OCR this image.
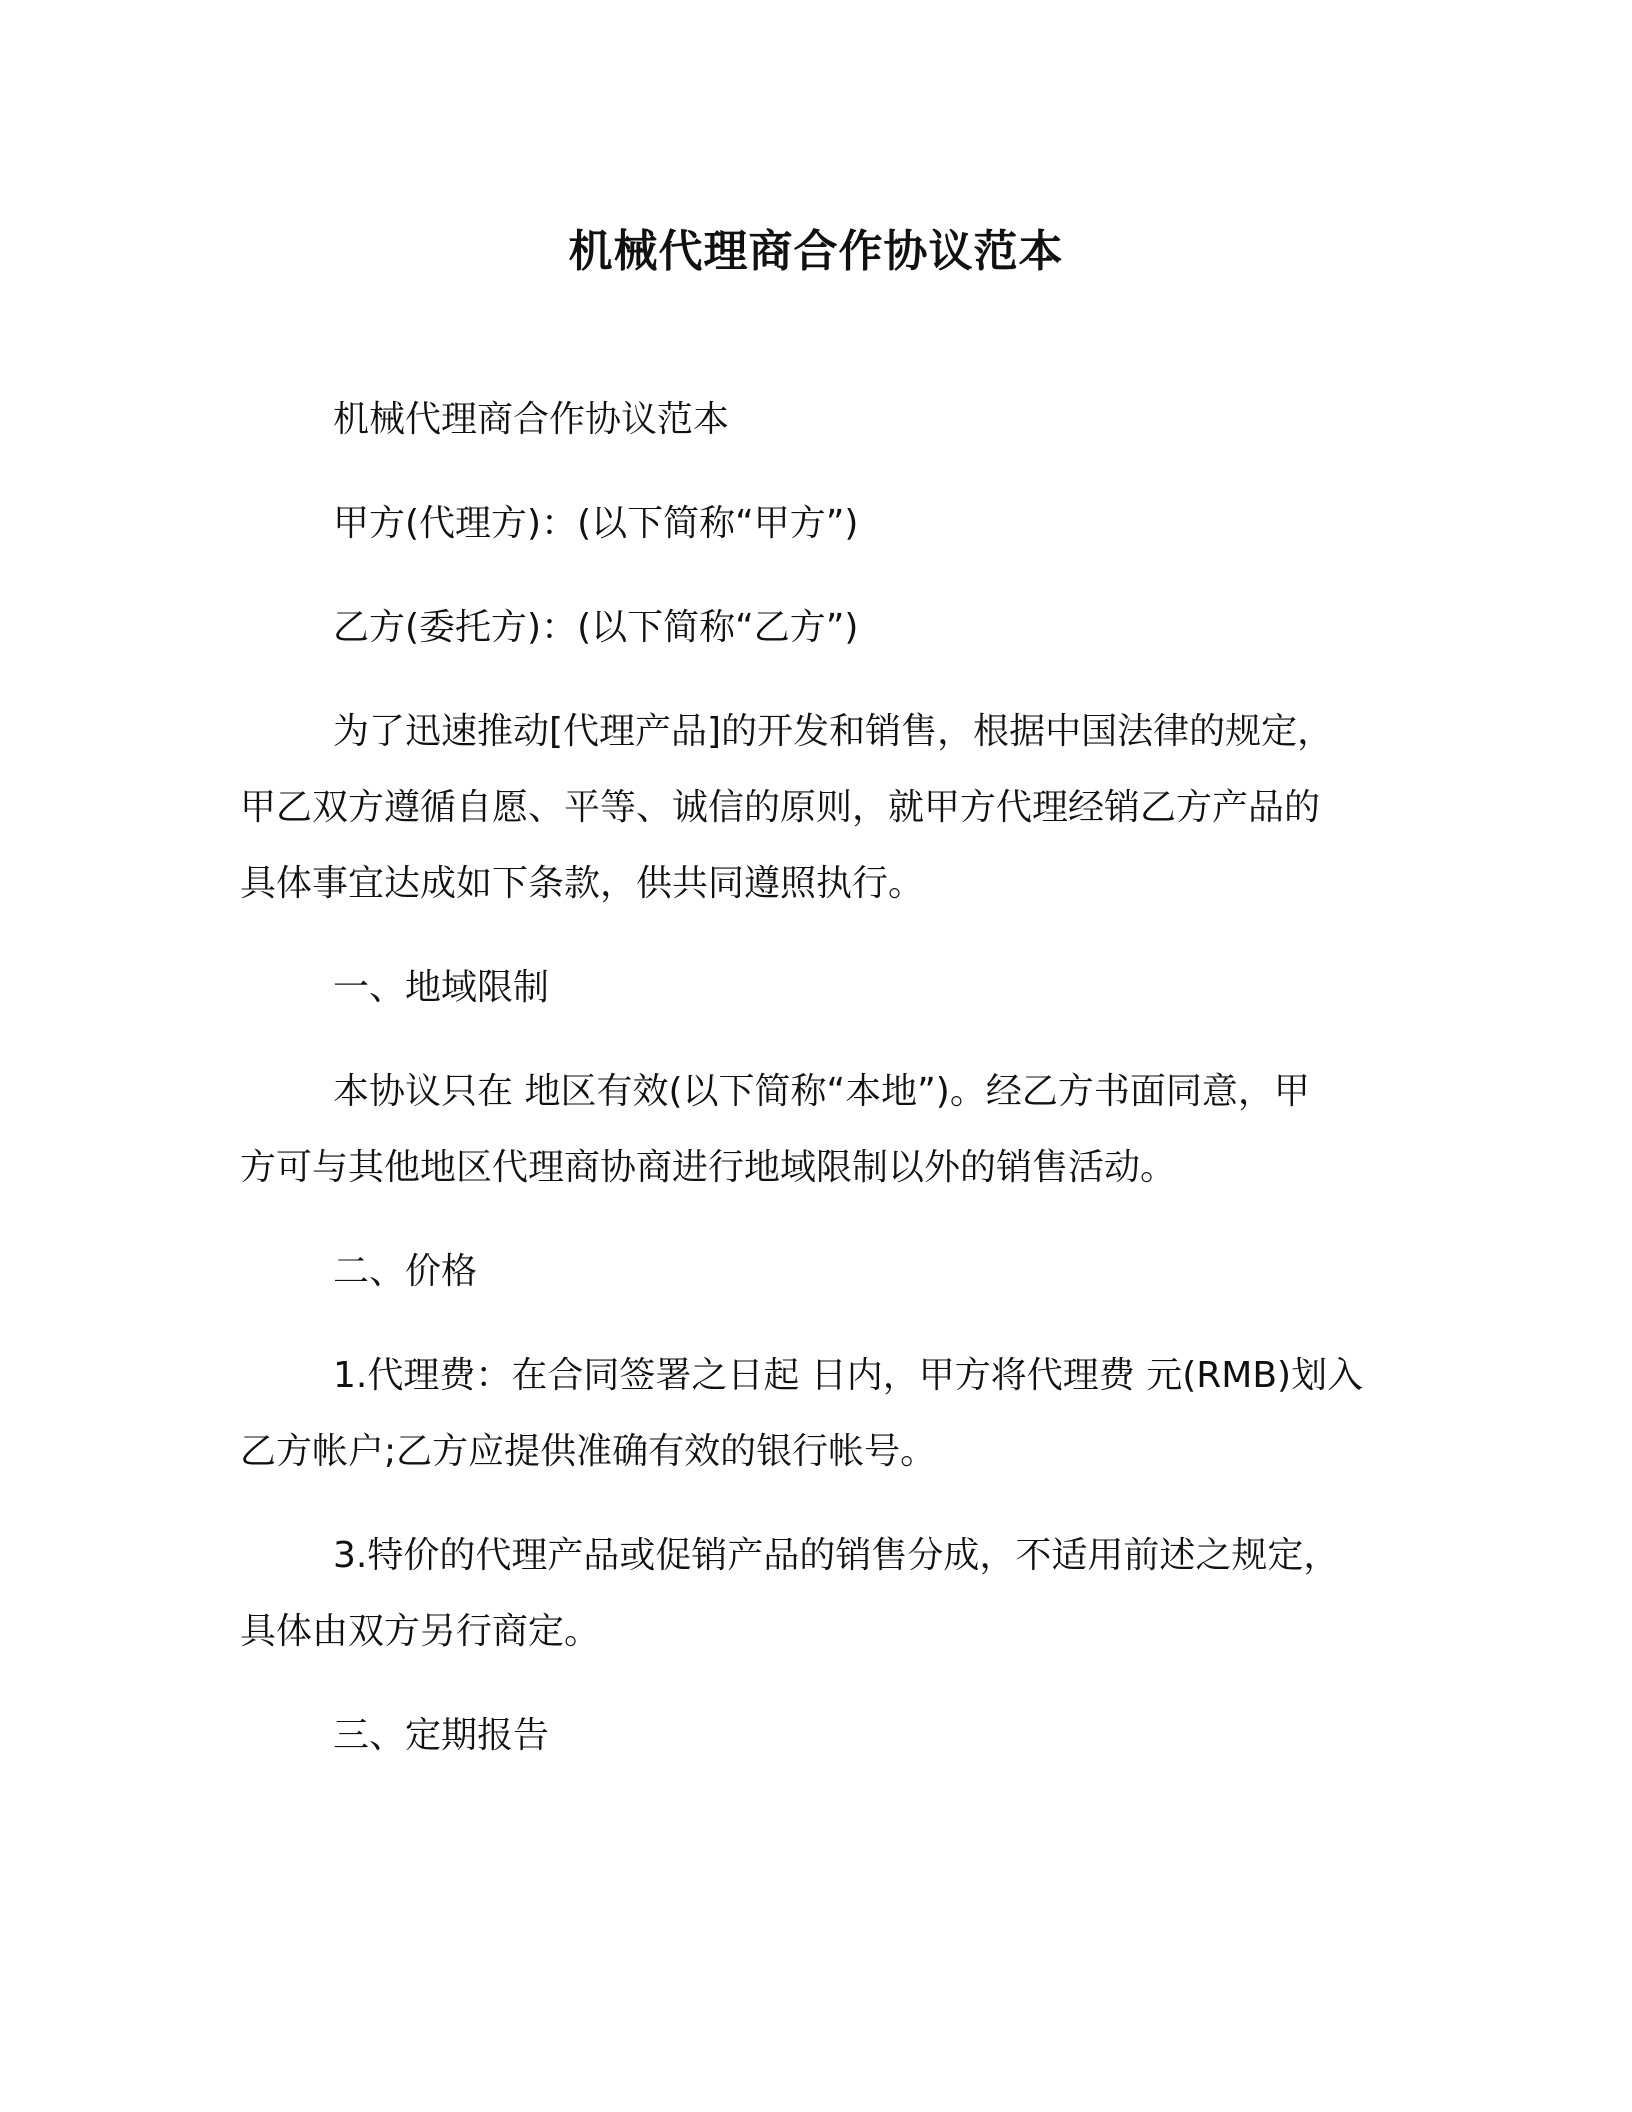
机械代理商合作协议范本

机械代理商合作协议范本

甲方(代理方)：(以下简称“甲方”)

乙方(委托方)：(以下简称“乙方”)

为了迅速推动[代理产品]的开发和销售，根据中国法律的规定，

甲乙双方遵循自愿、平等、诚信的原则，就甲方代理经销乙方产品的

具体事宜达成如下条款，供共同遵照执行。

一、地域限制

本协议只在 地区有效(以下简称“本地”)。经乙方书面同意，甲

方可与其他地区代理商协商进行地域限制以外的销售活动。

二、价格

1.代理费：在合同签署之日起 日内，甲方将代理费 元(RMB)划入

乙方帐户;乙方应提供准确有效的银行帐号。

3.特价的代理产品或促销产品的销售分成，不适用前述之规定，

具体由双方另行商定。

三、定期报告
